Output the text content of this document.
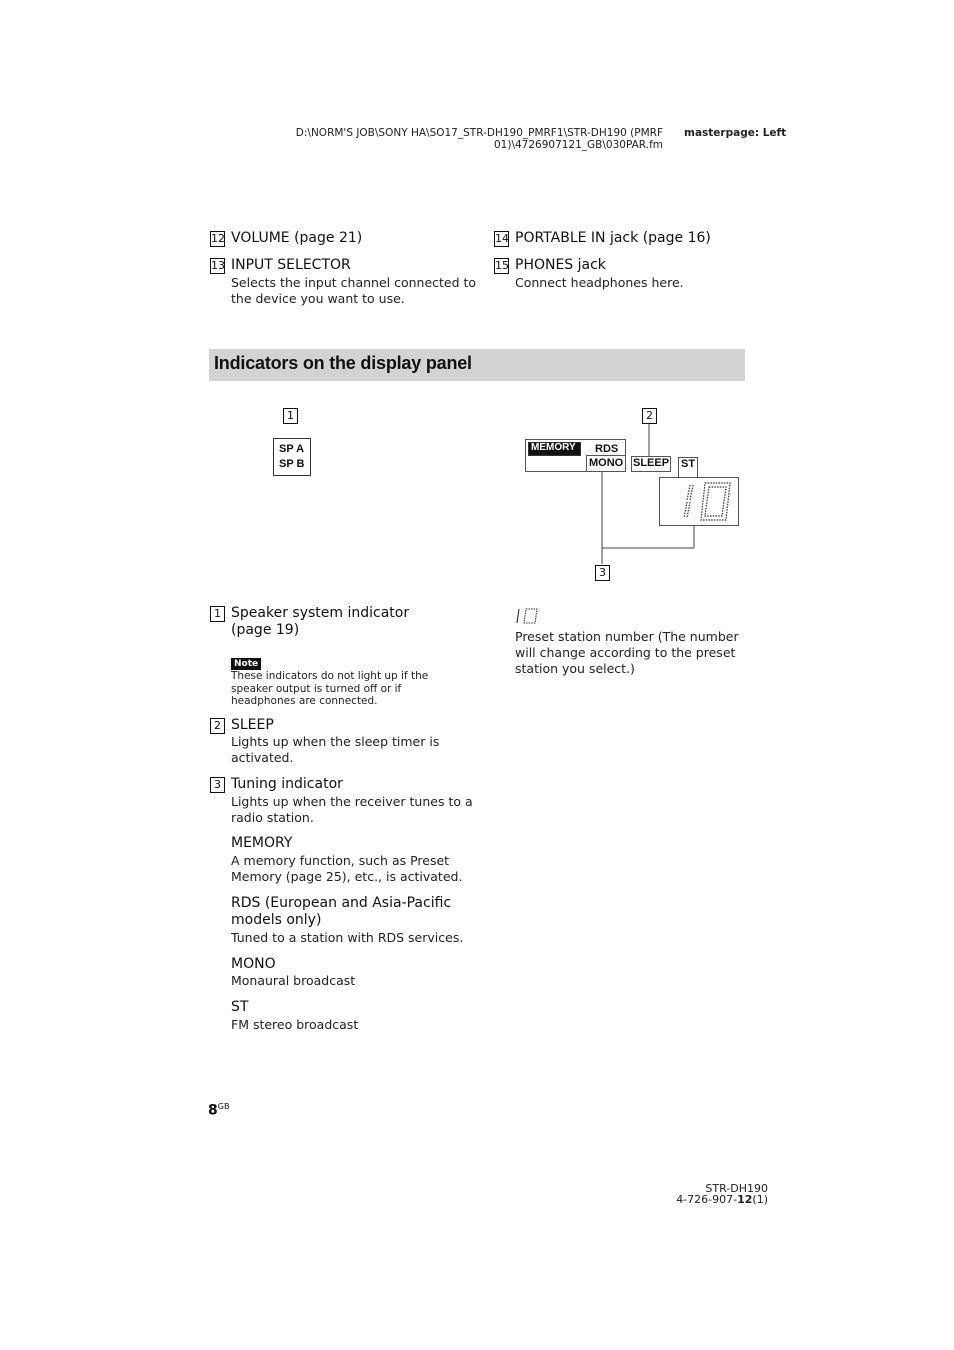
D:\NORM'S JOB\SONY HA\SO17_STR-DH190_PMRF1\STR-DH190 (PMRF
01)\4726907121_GB\030PAR.fm
masterpage: Left
12 VOLUME (page 21)
13 INPUT SELECTOR
Selects the input channel connected to
the device you want to use.
14 PORTABLE IN jack (page 16)
15 PHONES jack
Connect headphones here.
Indicators on the display panel
1
SP A
SP B
2
MEMORY RDS
MONO SLEEP ST
3
1 Speaker system indicator
(page 19)
Note
These indicators do not light up if the
speaker output is turned off or if
headphones are connected.
2 SLEEP
Lights up when the sleep timer is
activated.
3 Tuning indicator
Lights up when the receiver tunes to a
radio station.
MEMORY
A memory function, such as Preset
Memory (page 25), etc., is activated.
RDS (European and Asia-Pacific
models only)
Tuned to a station with RDS services.
MONO
Monaural broadcast
ST
FM stereo broadcast
Preset station number (The number
will change according to the preset
station you select.)
$8^{GB}$
STR-DH190
4-726-907-12(1)
